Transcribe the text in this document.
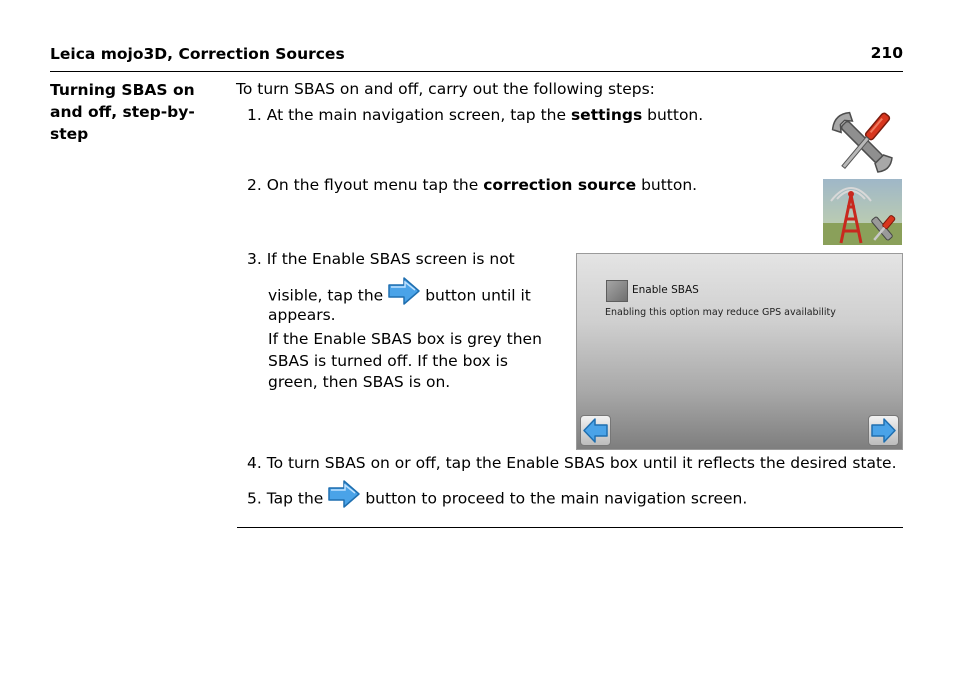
Leica mojo3D, Correction Sources	210
Turning SBAS on
and off, step-by-
step
To turn SBAS on and off, carry out the following steps:
1. At the main navigation screen, tap the settings button.
2. On the flyout menu tap the correction source button.
3. If the Enable SBAS screen is not
visible, tap the	button until it
appears.
If the Enable SBAS box is grey then
SBAS is turned off. If the box is
green, then SBAS is on.
Enable SBAS
Enabling this option may reduce GPS availability
4. To turn SBAS on or off, tap the Enable SBAS box until it reflects the desired state.
5. Tap the	button to proceed to the main navigation screen.
